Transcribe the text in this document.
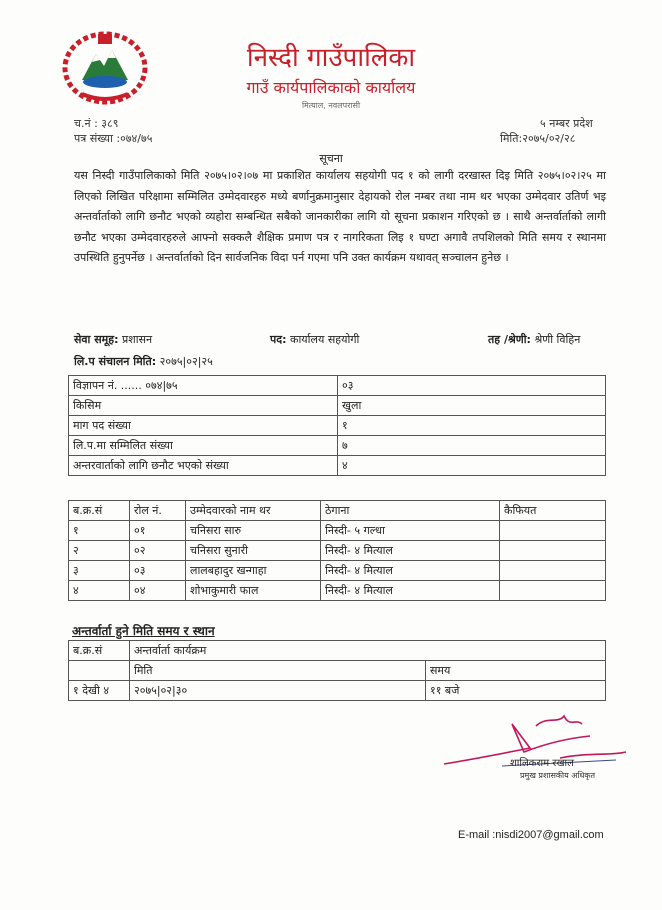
निस्दी गाउँपालिका
गाउँ कार्यपालिकाको कार्यालय
मित्याल, नवलपरासी
च.नं : ३८९
पत्र संख्या :०७४/७५
५ नम्बर प्रदेश
मिति:२०७५/०२/२८
सूचना
यस निस्दी गाउँपालिकाको मिति २०७५।०२।०७ मा प्रकाशित कार्यालय सहयोगी पद १ को लागी दरखास्त दिइ मिति २०७५।०२।२५ मा लिएको लिखित परिक्षामा सम्मिलित उम्मेदवारहरु मध्ये बर्णानुक्रमानुसार देहायको रोल नम्बर तथा नाम थर भएका उम्मेदवार उतिर्ण भइ अन्तर्वार्ताको लागि छनौट भएको व्यहोरा सम्बन्धित सबैको जानकारीका लागि यो सूचना प्रकाशन गरिएको छ । साथै अन्तर्वार्ताको लागी छनौट भएका उम्मेदवारहरुले आफ्नो सक्कलै शैक्षिक प्रमाण पत्र र नागरिकता लिइ १ घण्टा अगावै तपशिलको मिति समय र स्थानमा उपस्थिति हुनुपर्नेछ । अन्तर्वार्ताको दिन सार्वजनिक विदा पर्न गएमा पनि उक्त कार्यक्रम यथावत् सञ्चालन हुनेछ ।
सेवा समूह: प्रशासन	पद: कार्यालय सहयोगी	तह /श्रेणी: श्रेणी विहिन
लि.प संचालन मिति: २०७५|०२|२५
विज्ञापन नं. ...... ०७४|७५	०३
किसिम	खुला
माग पद संख्या	१
लि.प.मा सम्मिलित संख्या	७
अन्तरवार्ताको लागि छनौट भएको संख्या	४
ब.क्र.सं	रोल नं.	उम्मेदवारको नाम थर	ठेगाना	कैफियत
१	०१	चनिसरा सारु	निस्दी- ५ गल्धा	
२	०२	चनिसरा सुनारी	निस्दी- ४ मित्याल	
३	०३	लालबहादुर खन्गाहा	निस्दी- ४ मित्याल	
४	०४	शोभाकुमारी फाल	निस्दी- ४ मित्याल	
अन्तर्वार्ता हुने मिति समय र स्थान
ब.क्र.सं	अन्तर्वार्ता कार्यक्रम	
	मिति	समय
१ देखी ४	२०७५|०२|३०	११ बजे
शालिकराम रखाल
प्रमुख प्रशासकीय अधिकृत
E-mail :nisdi2007@gmail.com
